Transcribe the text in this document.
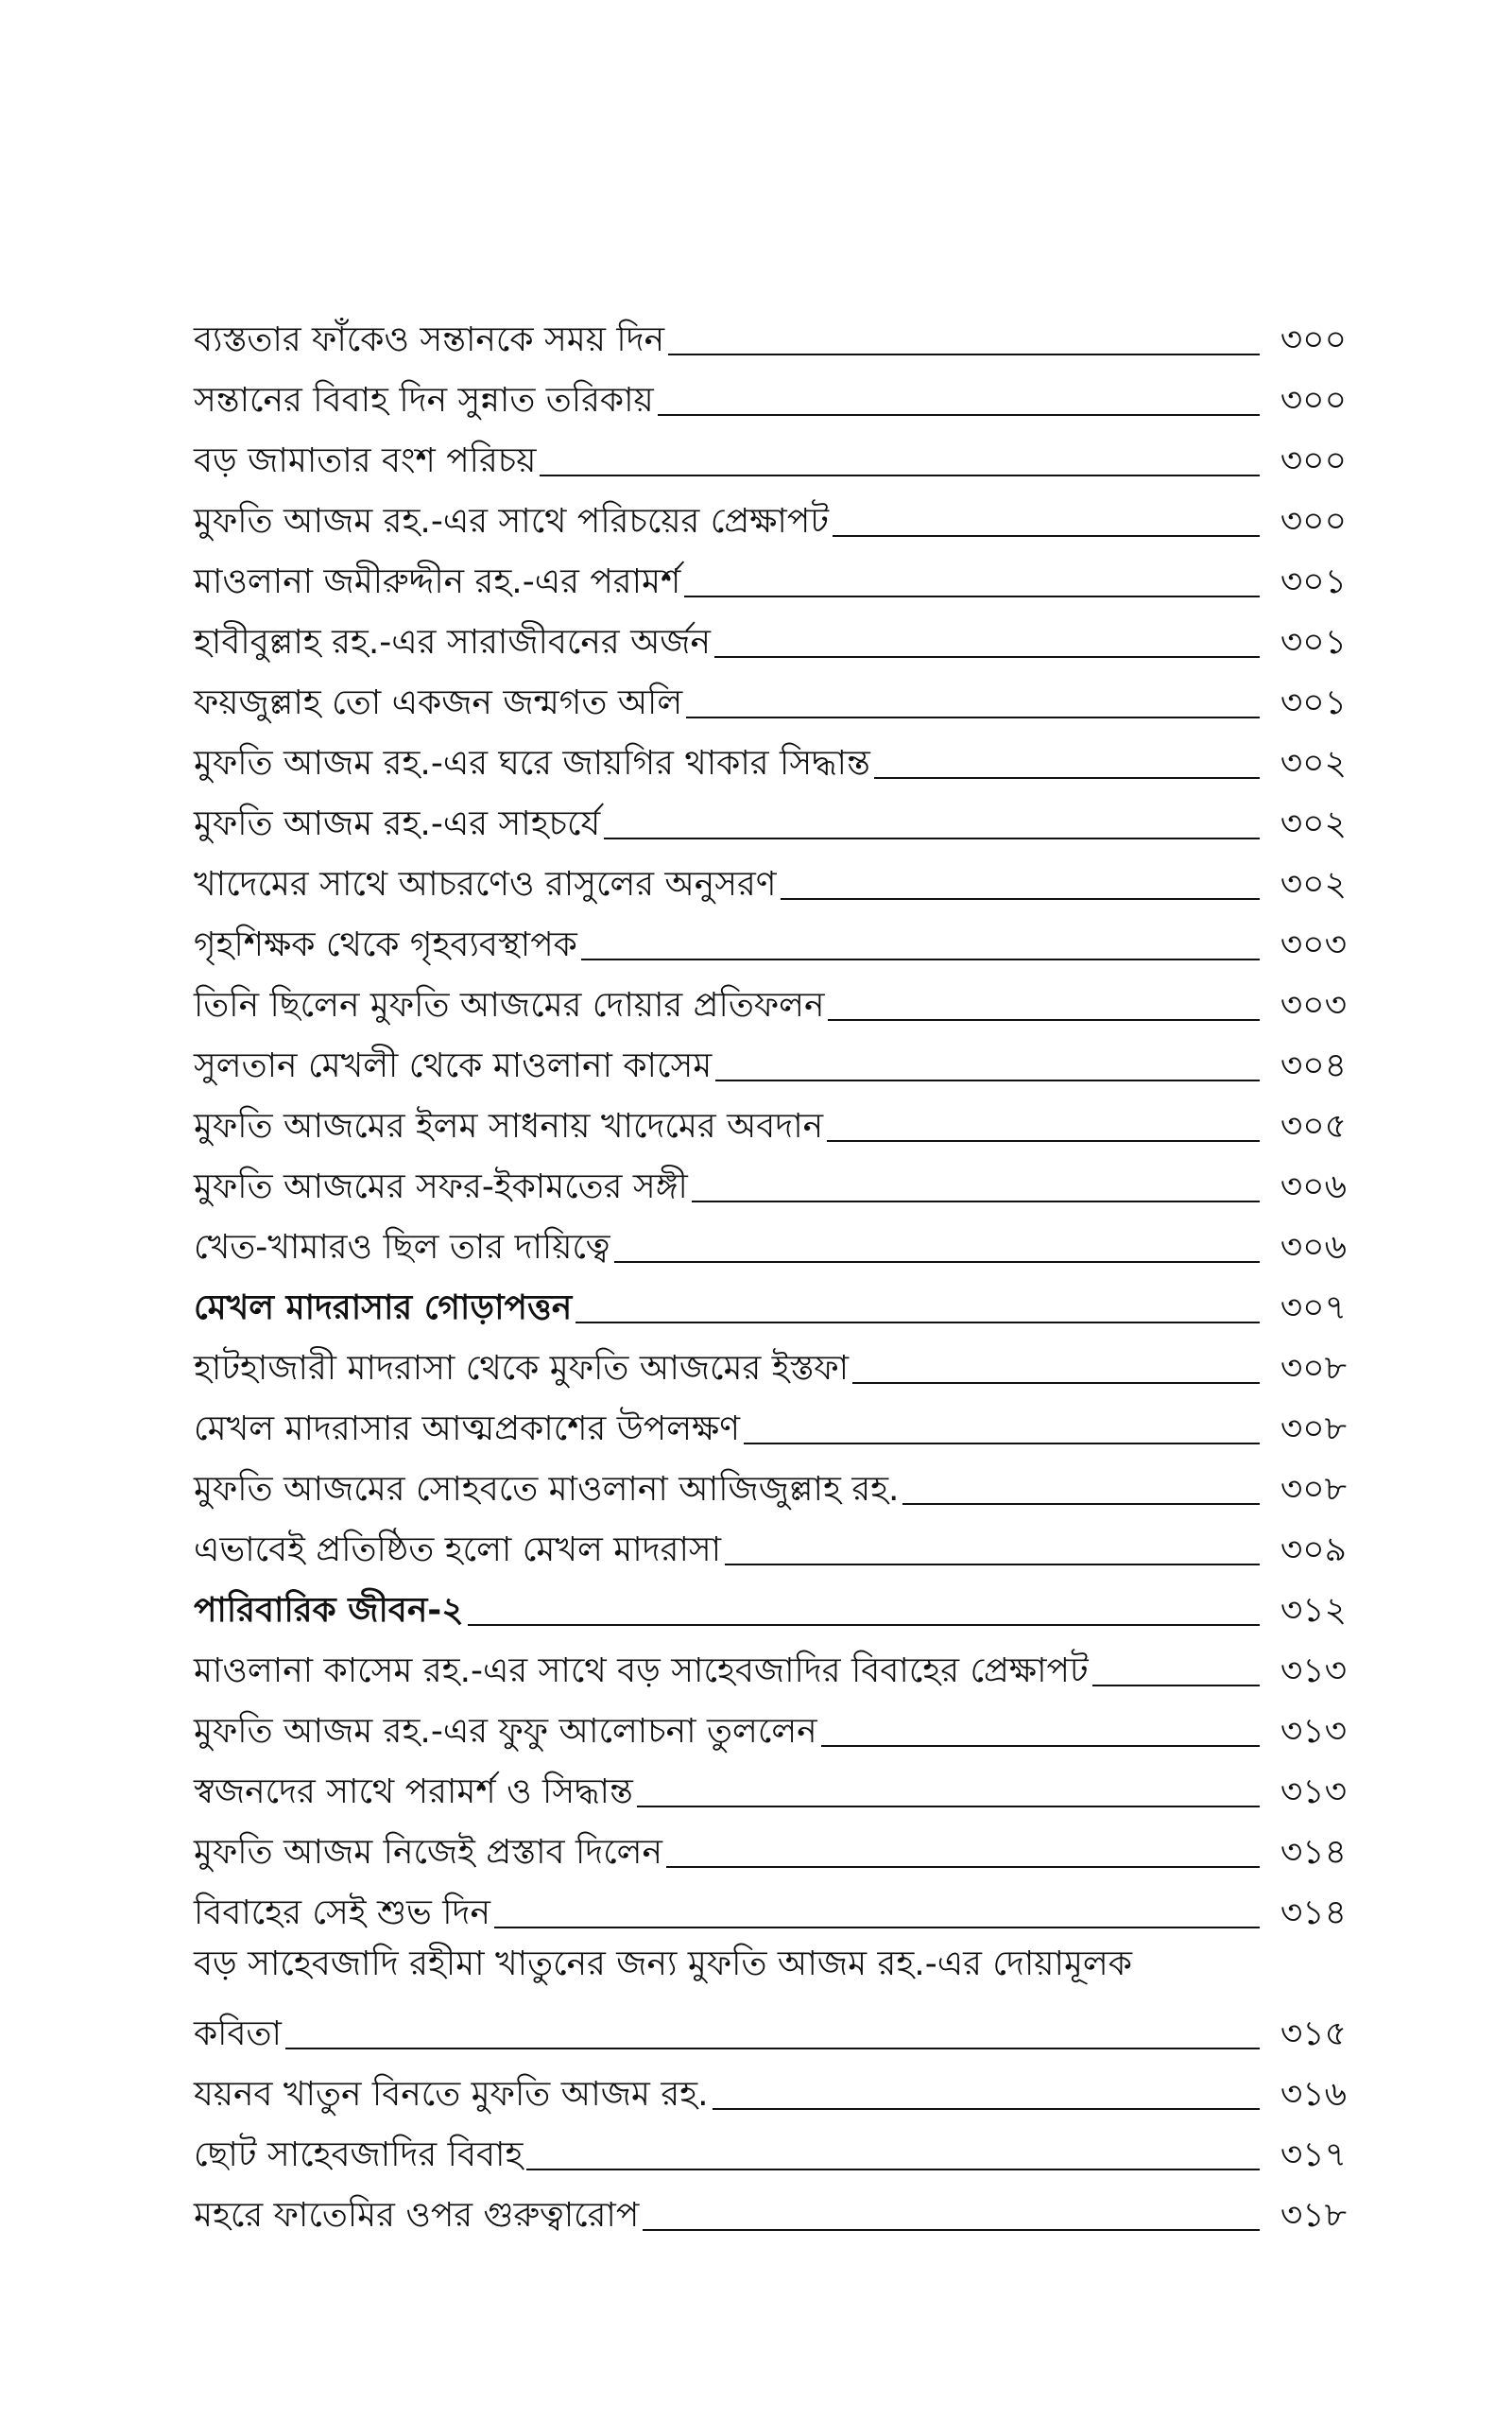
ব্যস্ততার ফাঁকেও সন্তানকে সময় দিন	৩০০
সন্তানের বিবাহ দিন সুন্নাত তরিকায়	৩০০
বড় জামাতার বংশ পরিচয়	৩০০
মুফতি আজম রহ.-এর সাথে পরিচয়ের প্রেক্ষাপট	৩০০
মাওলানা জমীরুদ্দীন রহ.-এর পরামর্শ	৩০১
হাবীবুল্লাহ রহ.-এর সারাজীবনের অর্জন	৩০১
ফয়জুল্লাহ তো একজন জন্মগত অলি	৩০১
মুফতি আজম রহ.-এর ঘরে জায়গির থাকার সিদ্ধান্ত	৩০২
মুফতি আজম রহ.-এর সাহচর্যে	৩০২
খাদেমের সাথে আচরণেও রাসুলের অনুসরণ	৩০২
গৃহশিক্ষক থেকে গৃহব্যবস্থাপক	৩০৩
তিনি ছিলেন মুফতি আজমের দোয়ার প্রতিফলন	৩০৩
সুলতান মেখলী থেকে মাওলানা কাসেম	৩০৪
মুফতি আজমের ইলম সাধনায় খাদেমের অবদান	৩০৫
মুফতি আজমের সফর-ইকামতের সঙ্গী	৩০৬
খেত-খামারও ছিল তার দায়িত্বে	৩০৬
মেখল মাদরাসার গোড়াপত্তন	৩০৭
হাটহাজারী মাদরাসা থেকে মুফতি আজমের ইস্তফা	৩০৮
মেখল মাদরাসার আত্মপ্রকাশের উপলক্ষণ	৩০৮
মুফতি আজমের সোহবতে মাওলানা আজিজুল্লাহ রহ.	৩০৮
এভাবেই প্রতিষ্ঠিত হলো মেখল মাদরাসা	৩০৯
পারিবারিক জীবন-২	৩১২
মাওলানা কাসেম রহ.-এর সাথে বড় সাহেবজাদির বিবাহের প্রেক্ষাপট	৩১৩
মুফতি আজম রহ.-এর ফুফু আলোচনা তুললেন	৩১৩
স্বজনদের সাথে পরামর্শ ও সিদ্ধান্ত	৩১৩
মুফতি আজম নিজেই প্রস্তাব দিলেন	৩১৪
বিবাহের সেই শুভ দিন	৩১৪
বড় সাহেবজাদি রহীমা খাতুনের জন্য মুফতি আজম রহ.-এর দোয়ামূলক
কবিতা	৩১৫
যয়নব খাতুন বিনতে মুফতি আজম রহ.	৩১৬
ছোট সাহেবজাদির বিবাহ	৩১৭
মহরে ফাতেমির ওপর গুরুত্বারোপ	৩১৮
